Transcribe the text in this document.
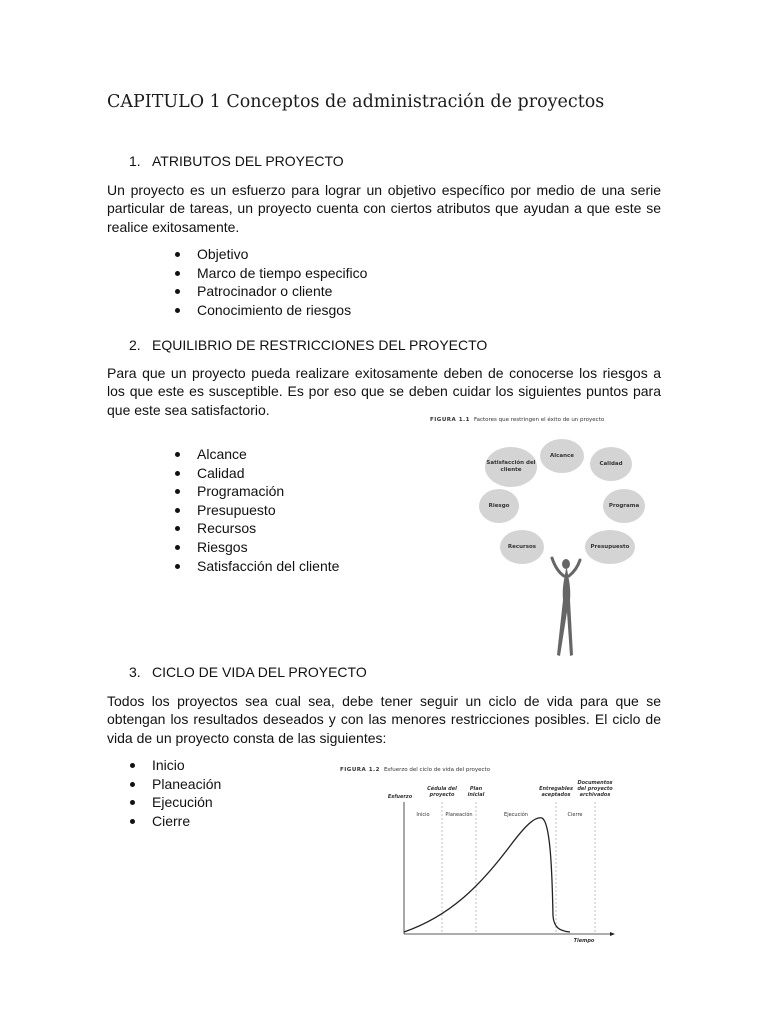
CAPITULO 1 Conceptos de administración de proyectos
1. ATRIBUTOS DEL PROYECTO
Un proyecto es un esfuerzo para lograr un objetivo específico por medio de una serie particular de tareas, un proyecto cuenta con ciertos atributos que ayudan a que este se realice exitosamente.
Objetivo
Marco de tiempo especifico
Patrocinador o cliente
Conocimiento de riesgos
2. EQUILIBRIO DE RESTRICCIONES DEL PROYECTO
Para que un proyecto pueda realizare exitosamente deben de conocerse los riesgos a los que este es susceptible. Es por eso que se deben cuidar los siguientes puntos para que este sea satisfactorio.
Alcance
Calidad
Programación
Presupuesto
Recursos
Riesgos
Satisfacción del cliente
FIGURA 1.1 Factores que restringen el éxito de un proyecto
Satisfacción del cliente
Alcance
Calidad
Riesgo	Programa
Recursos	Presupuesto
3. CICLO DE VIDA DEL PROYECTO
Todos los proyectos sea cual sea, debe tener seguir un ciclo de vida para que se obtengan los resultados deseados y con las menores restricciones posibles. El ciclo de vida de un proyecto consta de las siguientes:
Inicio
Planeación
Ejecución
Cierre
FIGURA 1.2 Esfuerzo del ciclo de vida del proyecto
Esfuerzo
Cédula del
proyecto
Plan
inicial
Entregables
aceptados
Documentos
del proyecto
archivados
Inicio	Planeación	Ejecución	Cierre
Tiempo
